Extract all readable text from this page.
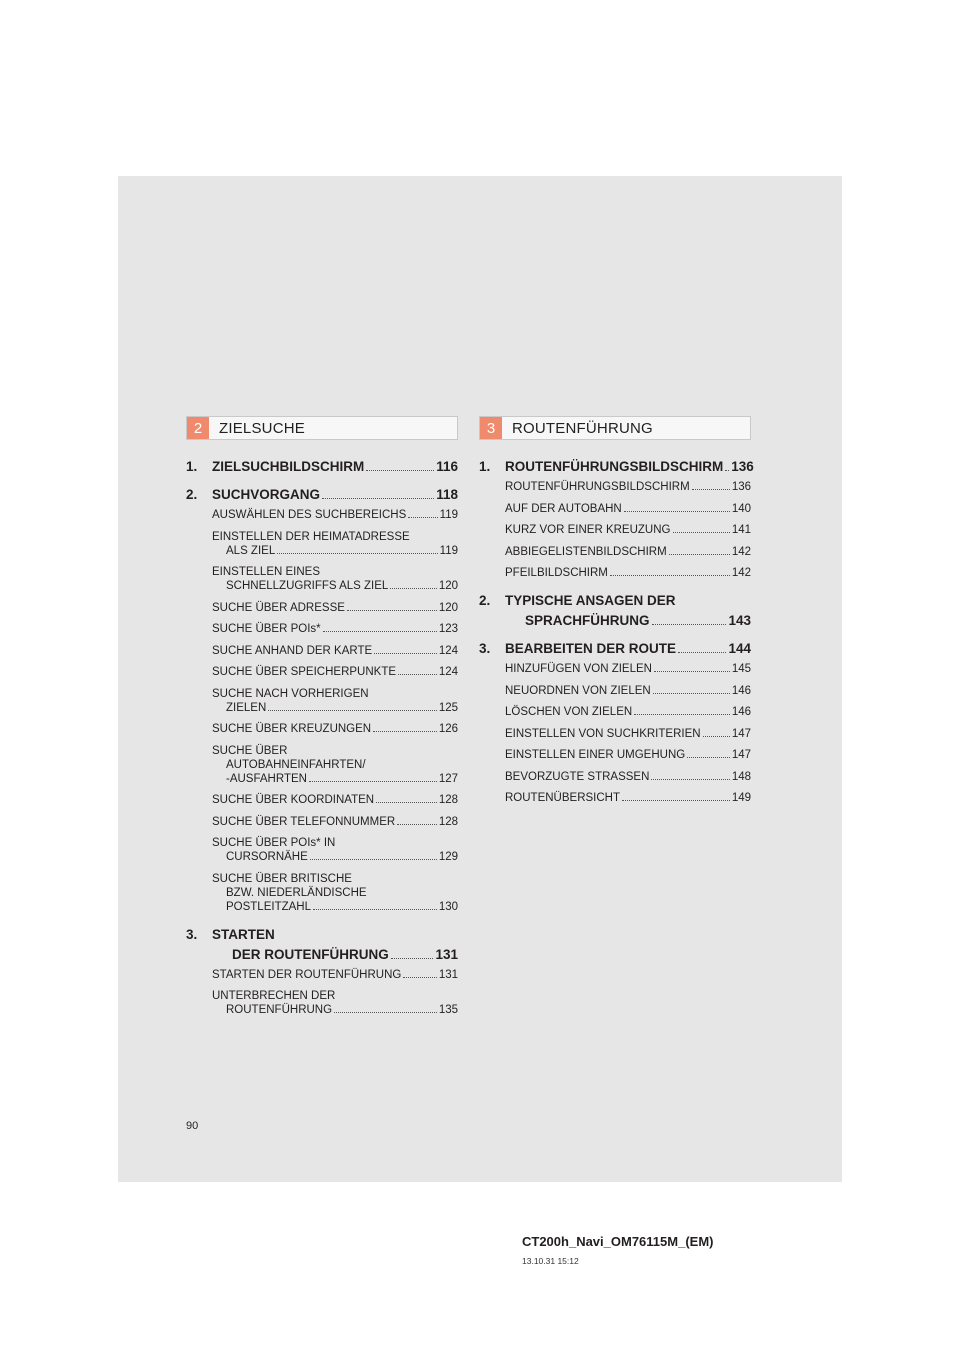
2	ZIELSUCHE
1.	ZIELSUCHBILDSCHIRM	116
2.	SUCHVORGANG	118
AUSWÄHLEN DES SUCHBEREICHS	119
EINSTELLEN DER HEIMATADRESSE
ALS ZIEL	119
EINSTELLEN EINES
SCHNELLZUGRIFFS ALS ZIEL	120
SUCHE ÜBER ADRESSE	120
SUCHE ÜBER POIs*	123
SUCHE ANHAND DER KARTE	124
SUCHE ÜBER SPEICHERPUNKTE	124
SUCHE NACH VORHERIGEN
ZIELEN	125
SUCHE ÜBER KREUZUNGEN	126
SUCHE ÜBER
AUTOBAHNEINFAHRTEN/
-AUSFAHRTEN	127
SUCHE ÜBER KOORDINATEN	128
SUCHE ÜBER TELEFONNUMMER	128
SUCHE ÜBER POIs* IN
CURSORNÄHE	129
SUCHE ÜBER BRITISCHE
BZW. NIEDERLÄNDISCHE
POSTLEITZAHL	130
3.	STARTEN
DER ROUTENFÜHRUNG	131
STARTEN DER ROUTENFÜHRUNG	131
UNTERBRECHEN DER
ROUTENFÜHRUNG	135
3	ROUTENFÜHRUNG
1.	ROUTENFÜHRUNGSBILDSCHIRM 136
ROUTENFÜHRUNGSBILDSCHIRM	136
AUF DER AUTOBAHN	140
KURZ VOR EINER KREUZUNG	141
ABBIEGELISTENBILDSCHIRM	142
PFEILBILDSCHIRM	142
2.	TYPISCHE ANSAGEN DER
SPRACHFÜHRUNG	143
3.	BEARBEITEN DER ROUTE	144
HINZUFÜGEN VON ZIELEN	145
NEUORDNEN VON ZIELEN	146
LÖSCHEN VON ZIELEN	146
EINSTELLEN VON SUCHKRITERIEN	147
EINSTELLEN EINER UMGEHUNG	147
BEVORZUGTE STRASSEN	148
ROUTENÜBERSICHT	149
90
CT200h_Navi_OM76115M_(EM)
13.10.31 15:12
